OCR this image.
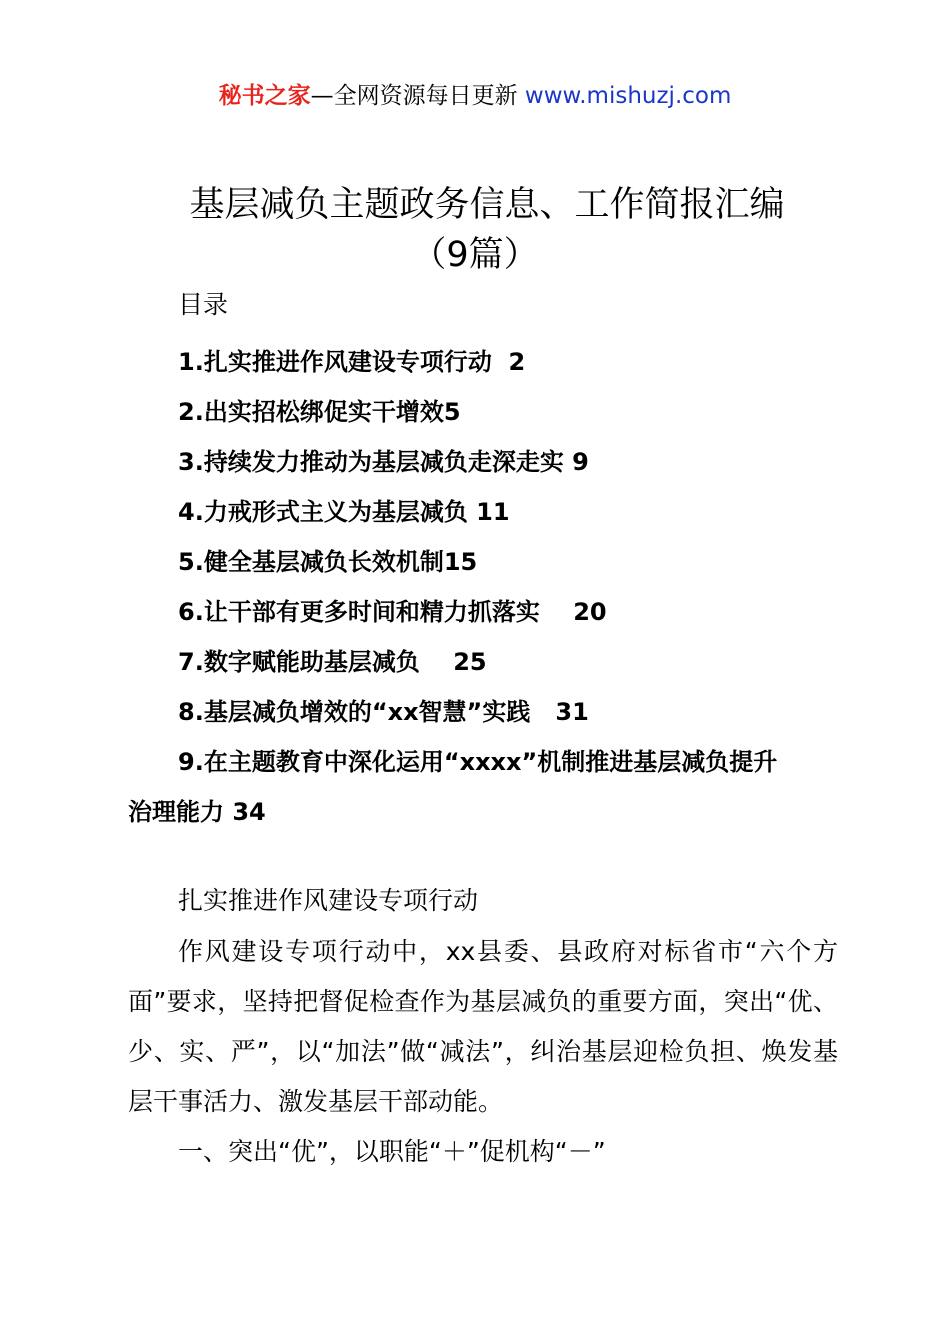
秘书之家—全网资源每日更新 www.mishuzj.com
基层减负主题政务信息、工作简报汇编
（9篇）
目录
1.扎实推进作风建设专项行动  2
2.出实招松绑促实干增效5
3.持续发力推动为基层减负走深走实 9
4.力戒形式主义为基层减负 11
5.健全基层减负长效机制15
6.让干部有更多时间和精力抓落实    20
7.数字赋能助基层减负    25
8.基层减负增效的“xx智慧”实践   31
9.在主题教育中深化运用“xxxx”机制推进基层减负提升
治理能力 34
扎实推进作风建设专项行动

作风建设专项行动中，xx县委、县政府对标省市“六个方面”要求，坚持把督促检查作为基层减负的重要方面，突出“优、少、实、严”，以“加法”做“减法”，纠治基层迎检负担、焕发基层干事活力、激发基层干部动能。

一、突出“优”，以职能“＋”促机构“－”
